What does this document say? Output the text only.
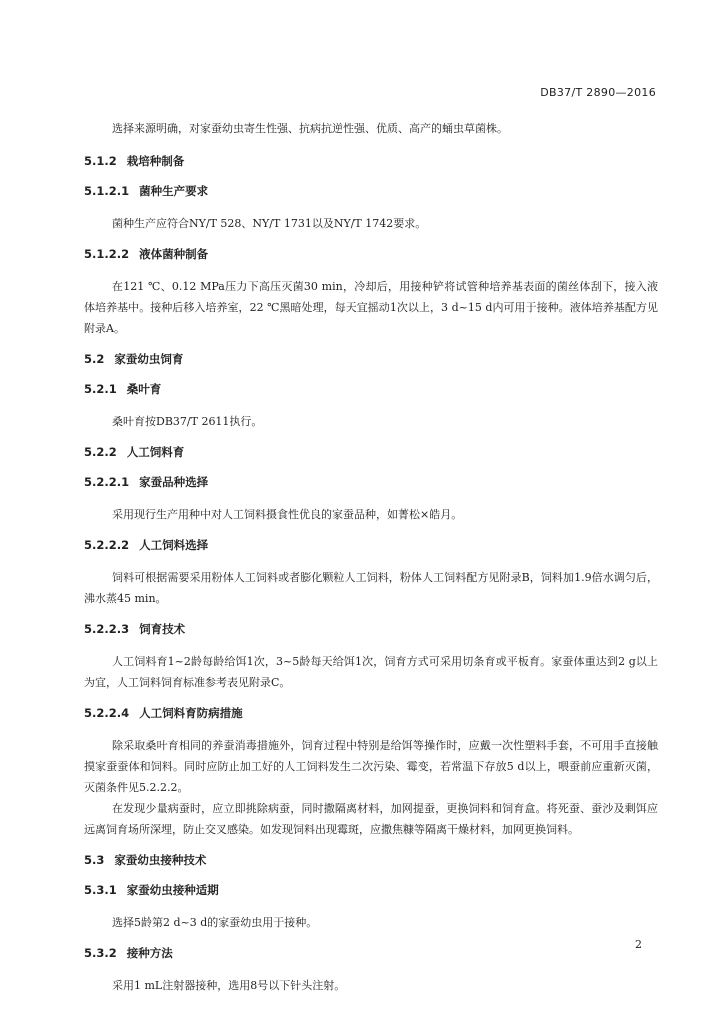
DB37/T 2890—2016
选择来源明确，对家蚕幼虫寄生性强、抗病抗逆性强、优质、高产的蛹虫草菌株。
5.1.2 栽培种制备
5.1.2.1 菌种生产要求
菌种生产应符合NY/T 528、NY/T 1731以及NY/T 1742要求。
5.1.2.2 液体菌种制备
在121 ℃、0.12 MPa压力下高压灭菌30 min，冷却后，用接种铲将试管种培养基表面的菌丝体刮下，接入液体培养基中。接种后移入培养室，22 ℃黑暗处理，每天宜摇动1次以上，3 d~15 d内可用于接种。液体培养基配方见附录A。
5.2 家蚕幼虫饲育
5.2.1 桑叶育
桑叶育按DB37/T 2611执行。
5.2.2 人工饲料育
5.2.2.1 家蚕品种选择
采用现行生产用种中对人工饲料摄食性优良的家蚕品种，如菁松×皓月。
5.2.2.2 人工饲料选择
饲料可根据需要采用粉体人工饲料或者膨化颗粒人工饲料，粉体人工饲料配方见附录B，饲料加1.9倍水调匀后，沸水蒸45 min。
5.2.2.3 饲育技术
人工饲料育1~2龄每龄给饵1次，3~5龄每天给饵1次，饲育方式可采用切条育或平板育。家蚕体重达到2 g以上为宜，人工饲料饲育标准参考表见附录C。
5.2.2.4 人工饲料育防病措施
除采取桑叶育相同的养蚕消毒措施外，饲育过程中特别是给饵等操作时，应戴一次性塑料手套，不可用手直接触摸家蚕蚕体和饲料。同时应防止加工好的人工饲料发生二次污染、霉变，若常温下存放5 d以上，喂蚕前应重新灭菌，灭菌条件见5.2.2.2。
在发现少量病蚕时，应立即挑除病蚕，同时撒隔离材料，加网提蚕，更换饲料和饲育盒。将死蚕、蚕沙及剩饵应远离饲育场所深埋，防止交叉感染。如发现饲料出现霉斑，应撒焦糠等隔离干燥材料，加网更换饲料。
5.3 家蚕幼虫接种技术
5.3.1 家蚕幼虫接种适期
选择5龄第2 d~3 d的家蚕幼虫用于接种。
5.3.2 接种方法
采用1 mL注射器接种，选用8号以下针头注射。
2
